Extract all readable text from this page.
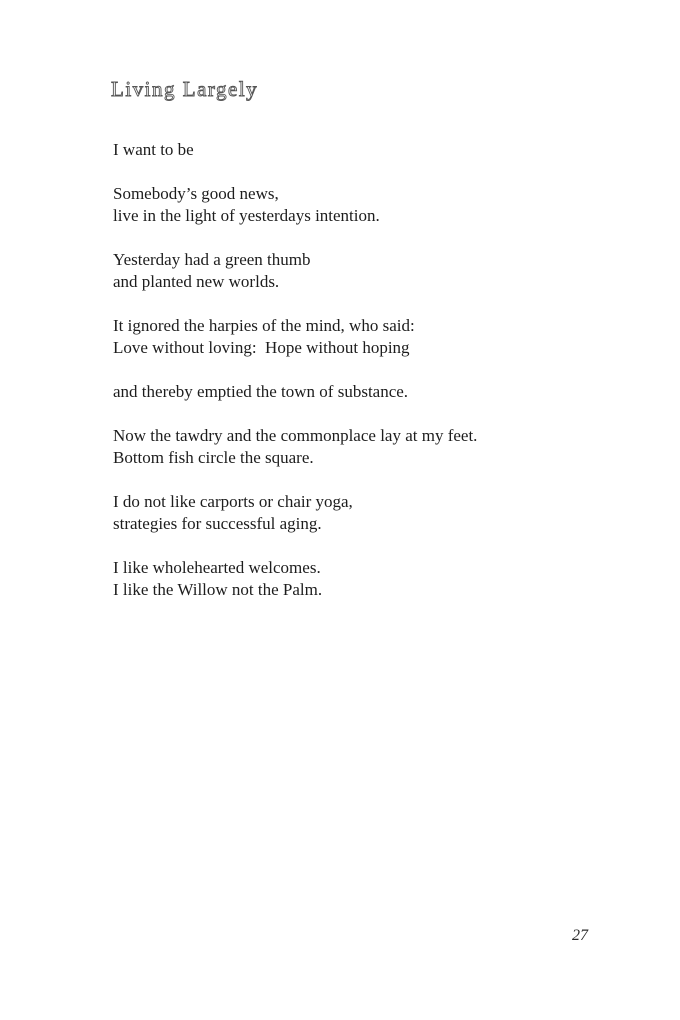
Living Largely

I want to be

Somebody’s good news,
live in the light of yesterdays intention.

Yesterday had a green thumb
and planted new worlds.

It ignored the harpies of the mind, who said:
Love without loving:  Hope without hoping

and thereby emptied the town of substance.

Now the tawdry and the commonplace lay at my feet.
Bottom fish circle the square.

I do not like carports or chair yoga,
strategies for successful aging.

I like wholehearted welcomes.
I like the Willow not the Palm.

27
